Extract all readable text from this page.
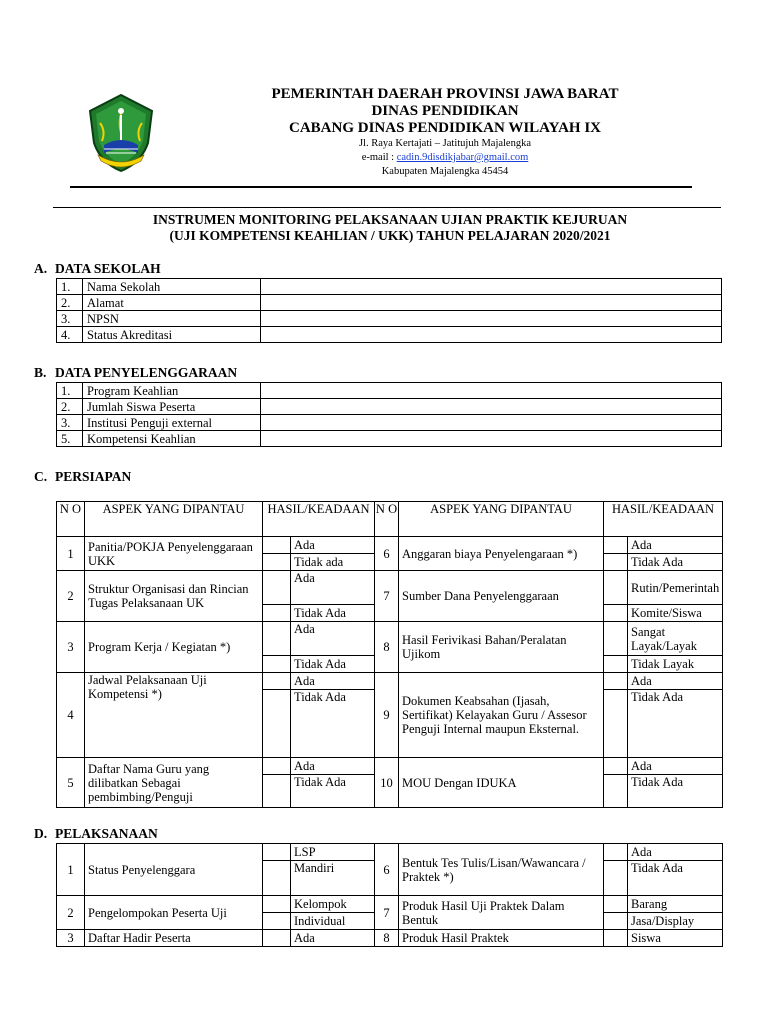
PEMERINTAH DAERAH PROVINSI JAWA BARAT
DINAS PENDIDIKAN
CABANG DINAS PENDIDIKAN WILAYAH IX
Jl. Raya Kertajati – Jatitujuh Majalengka
e-mail : cadin.9disdikjabar@gmail.com
Kabupaten Majalengka 45454
INSTRUMEN MONITORING PELAKSANAAN UJIAN PRAKTIK KEJURUAN
(UJI KOMPETENSI KEAHLIAN / UKK) TAHUN PELAJARAN 2020/2021
A. DATA SEKOLAH
1.	Nama Sekolah	
2.	Alamat	
3.	NPSN	
4.	Status Akreditasi	
B. DATA PENYELENGGARAAN
1.	Program Keahlian	
2.	Jumlah Siswa Peserta	
3.	Institusi Penguji external	
5.	Kompetensi Keahlian	
C. PERSIAPAN
N O	ASPEK YANG DIPANTAU	HASIL/KEADAAN		N O	ASPEK YANG DIPANTAU	HASIL/KEADAAN	
1	Panitia/POKJA Penyelenggaraan UKK		Ada	6	Anggaran biaya Penyelengaraan *)		Ada
			Tidak ada				Tidak Ada
2	Struktur Organisasi dan Rincian
Tugas Pelaksanaan UK		Ada	7	Sumber Dana Penyelenggaraan		Rutin/Pemerintah
			Tidak Ada				Komite/Siswa
3	Program Kerja / Kegiatan *)		Ada	8	Hasil Ferivikasi Bahan/Peralatan Ujikom		Sangat Layak/Layak
			Tidak Ada				Tidak Layak
4	Jadwal Pelaksanaan Uji Kompetensi *)		Ada	9	Dokumen Keabsahan (Ijasah, Sertifikat) Kelayakan Guru / Assesor Penguji Internal maupun Eksternal.		Ada
			Tidak Ada				Tidak Ada
5	Daftar Nama Guru yang dilibatkan Sebagai pembimbing/Penguji		Ada	10	MOU Dengan IDUKA		Ada
			Tidak Ada				Tidak Ada
D. PELAKSANAAN
1	Status Penyelenggara		LSP	6	Bentuk Tes Tulis/Lisan/Wawancara / Praktek *)		Ada
			Mandiri				Tidak Ada
2	Pengelompokan Peserta Uji		Kelompok	7	Produk Hasil Uji Praktek Dalam Bentuk		Barang
			Individual				Jasa/Display
3	Daftar Hadir Peserta		Ada	8	Produk Hasil Praktek		Siswa
